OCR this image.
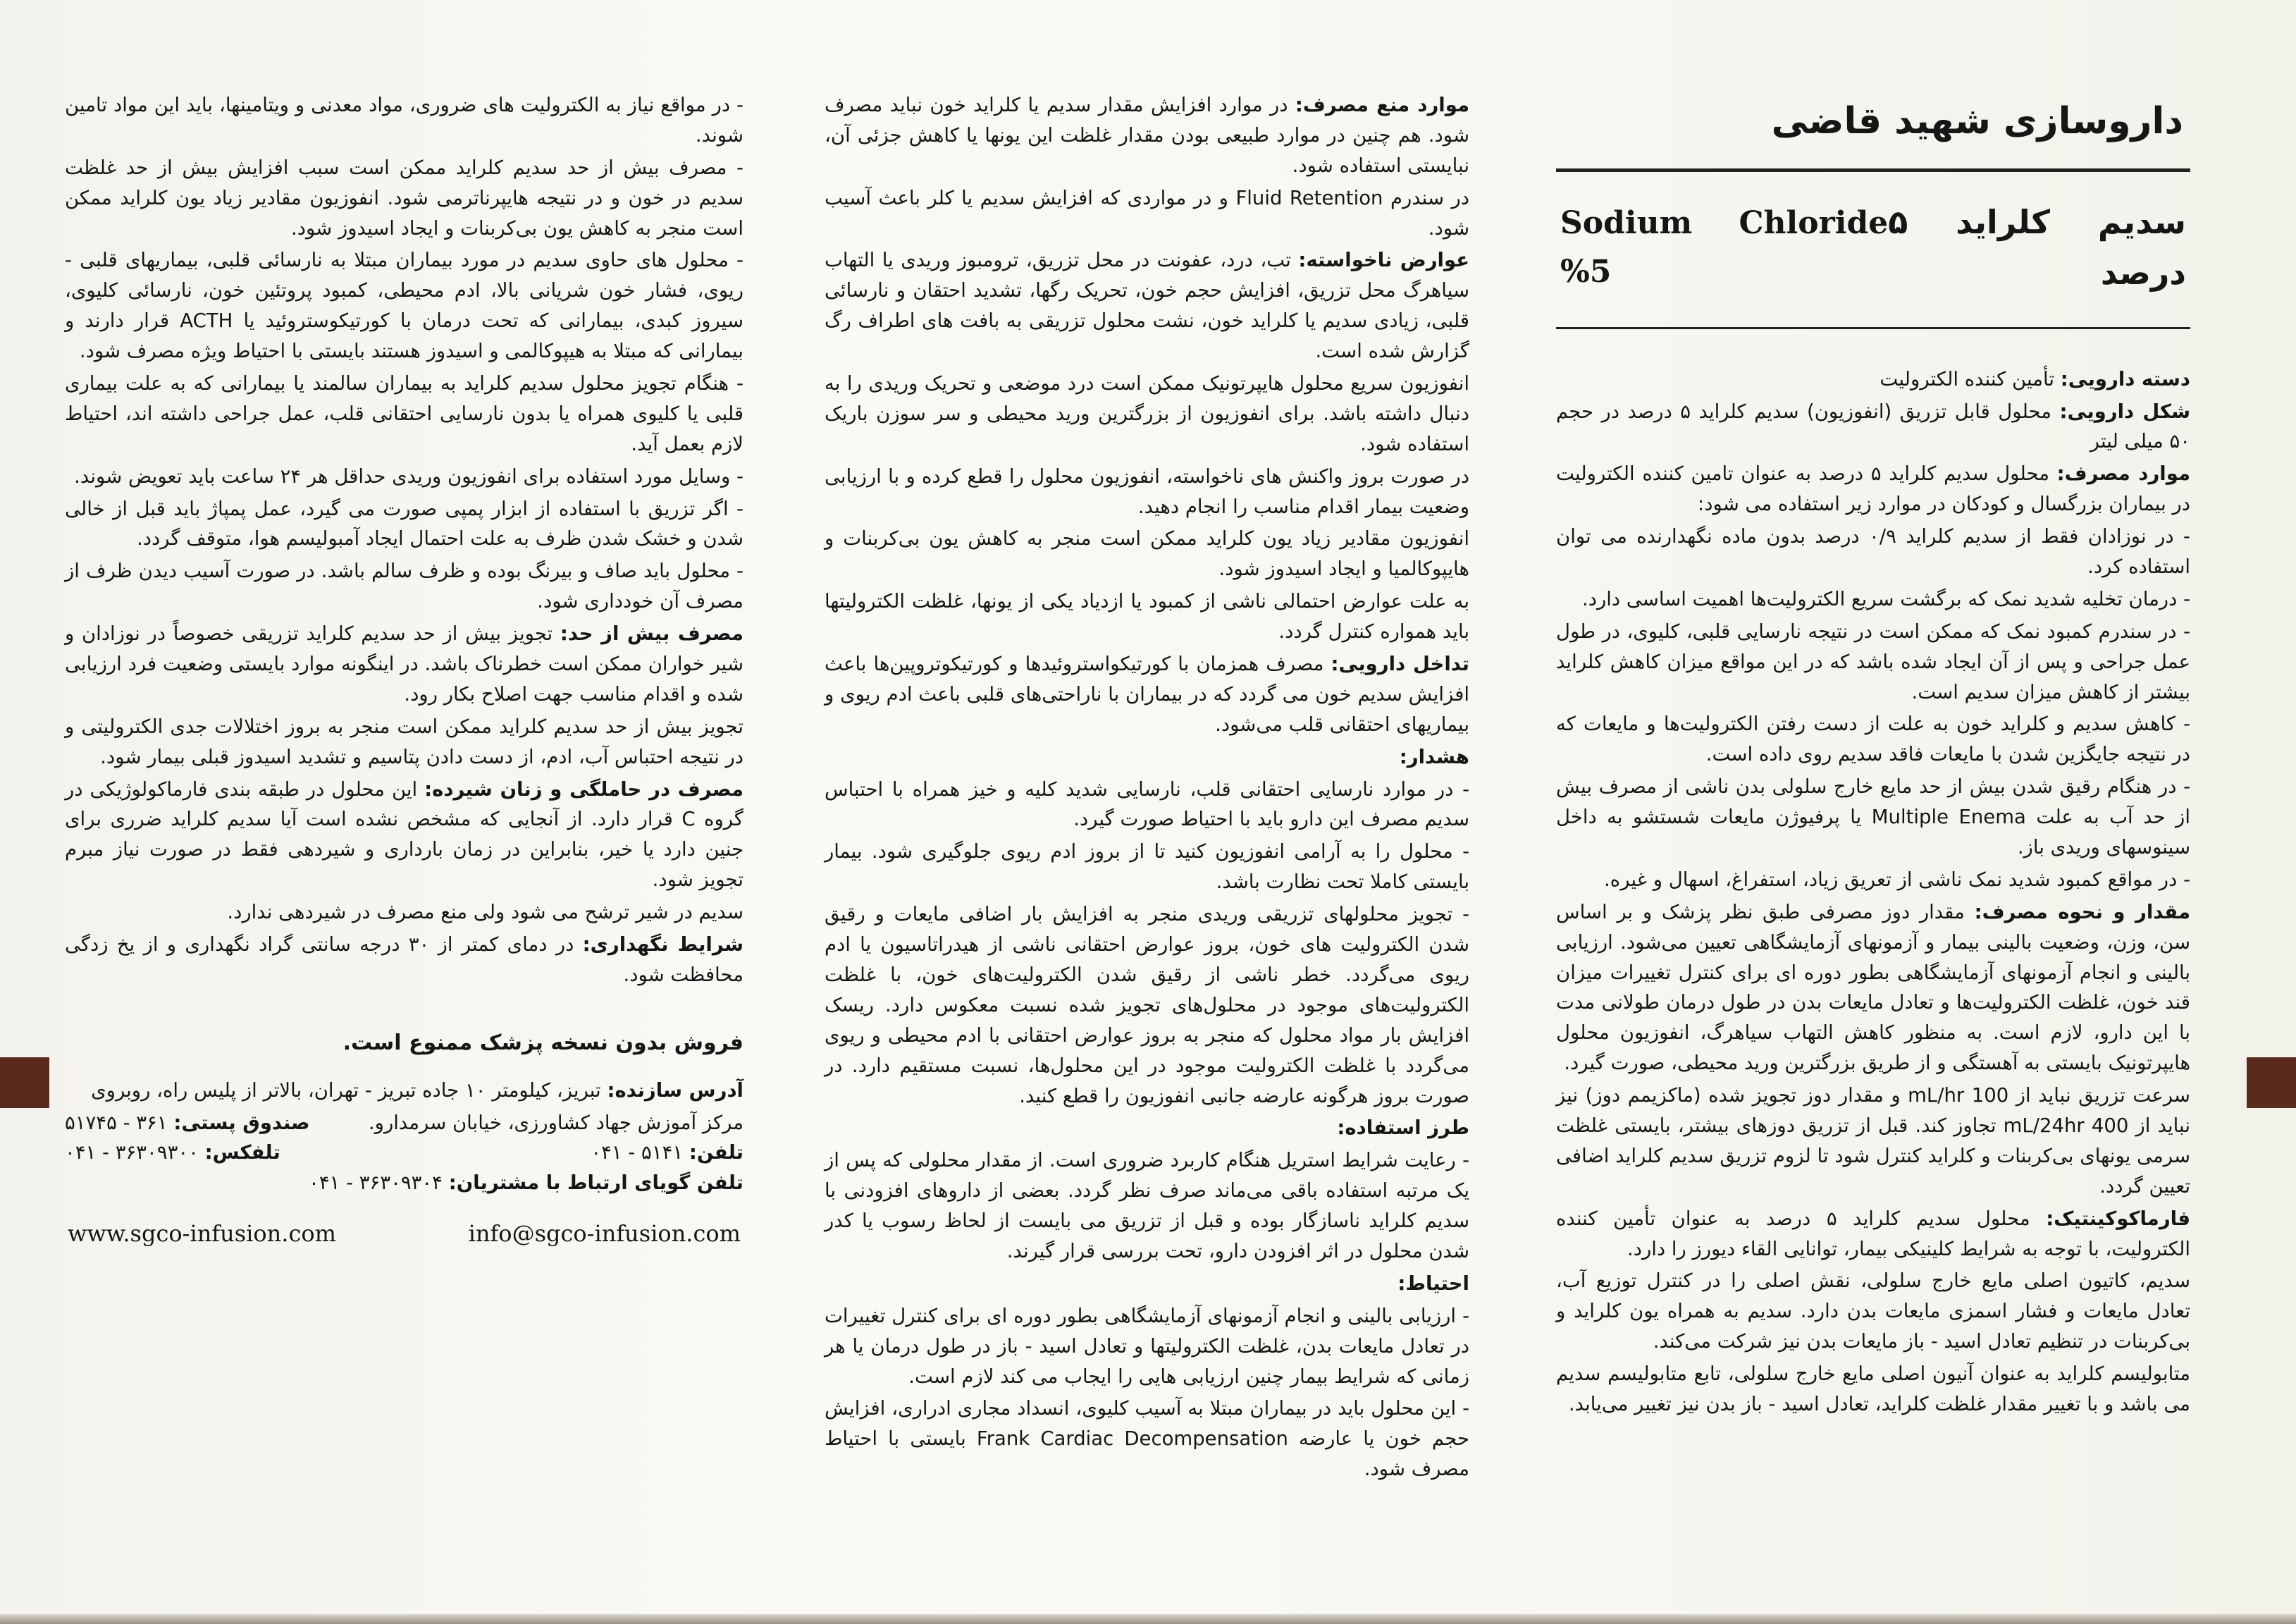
داروسازی شهید قاضی
سدیم کلراید ۵ درصد
Sodium Chloride %5

دسته دارویی: تأمین کننده الکترولیت

شکل دارویی: محلول قابل تزریق (انفوزیون) سدیم کلراید ۵ درصد در حجم ۵۰ میلی لیتر

موارد مصرف: محلول سدیم کلراید ۵ درصد به عنوان تامین کننده الکترولیت در بیماران بزرگسال و کودکان در موارد زیر استفاده می شود:

- در نوزادان فقط از سدیم کلراید ۰/۹ درصد بدون ماده نگهدارنده می توان استفاده کرد.

- درمان تخلیه شدید نمک که برگشت سریع الکترولیت‌ها اهمیت اساسی دارد.

- در سندرم کمبود نمک که ممکن است در نتیجه نارسایی قلبی، کلیوی، در طول عمل جراحی و پس از آن ایجاد شده باشد که در این مواقع میزان کاهش کلراید بیشتر از کاهش میزان سدیم است.

- کاهش سدیم و کلراید خون به علت از دست رفتن الکترولیت‌ها و مایعات که در نتیجه جایگزین شدن با مایعات فاقد سدیم روی داده است.

- در هنگام رقیق شدن بیش از حد مایع خارج سلولی بدن ناشی از مصرف بیش از حد آب به علت Multiple Enema یا پرفیوژن مایعات شستشو به داخل سینوسهای وریدی باز.

- در مواقع کمبود شدید نمک ناشی از تعریق زیاد، استفراغ، اسهال و غیره.

مقدار و نحوه مصرف: مقدار دوز مصرفی طبق نظر پزشک و بر اساس سن، وزن، وضعیت بالینی بیمار و آزمونهای آزمایشگاهی تعیین می‌شود. ارزیابی بالینی و انجام آزمونهای آزمایشگاهی بطور دوره ای برای کنترل تغییرات میزان قند خون، غلظت الکترولیت‌ها و تعادل مایعات بدن در طول درمان طولانی مدت با این دارو، لازم است. به منظور کاهش التهاب سیاهرگ، انفوزیون محلول هایپرتونیک بایستی به آهستگی و از طریق بزرگترین ورید محیطی، صورت گیرد.

سرعت تزریق نباید از 100 mL/hr و مقدار دوز تجویز شده (ماکزیمم دوز) نیز نباید از 400 mL/24hr تجاوز کند. قبل از تزریق دوزهای بیشتر، بایستی غلظت سرمی یونهای بی‌کربنات و کلراید کنترل شود تا لزوم تزریق سدیم کلراید اضافی تعیین گردد.

فارماکوکینتیک: محلول سدیم کلراید ۵ درصد به عنوان تأمین کننده الکترولیت، با توجه به شرایط کلینیکی بیمار، توانایی القاء دیورز را دارد.

سدیم، کاتیون اصلی مایع خارج سلولی، نقش اصلی را در کنترل توزیع آب، تعادل مایعات و فشار اسمزی مایعات بدن دارد. سدیم به همراه یون کلراید و بی‌کربنات در تنظیم تعادل اسید - باز مایعات بدن نیز شرکت می‌کند.

متابولیسم کلراید به عنوان آنیون اصلی مایع خارج سلولی، تابع متابولیسم سدیم می باشد و با تغییر مقدار غلظت کلراید، تعادل اسید - باز بدن نیز تغییر می‌یابد.

موارد منع مصرف: در موارد افزایش مقدار سدیم یا کلراید خون نباید مصرف شود. هم چنین در موارد طبیعی بودن مقدار غلظت این یونها یا کاهش جزئی آن، نبایستی استفاده شود.

در سندرم Fluid Retention و در مواردی که افزایش سدیم یا کلر باعث آسیب شود.

عوارض ناخواسته: تب، درد، عفونت در محل تزریق، ترومبوز وریدی یا التهاب سیاهرگ محل تزریق، افزایش حجم خون، تحریک رگها، تشدید احتقان و نارسائی قلبی، زیادی سدیم یا کلراید خون، نشت محلول تزریقی به بافت های اطراف رگ گزارش شده است.

انفوزیون سریع محلول هایپرتونیک ممکن است درد موضعی و تحریک وریدی را به دنبال داشته باشد. برای انفوزیون از بزرگترین ورید محیطی و سر سوزن باریک استفاده شود.

در صورت بروز واکنش های ناخواسته، انفوزیون محلول را قطع کرده و با ارزیابی وضعیت بیمار اقدام مناسب را انجام دهید.

انفوزیون مقادیر زیاد یون کلراید ممکن است منجر به کاهش یون بی‌کربنات و هایپوکالمیا و ایجاد اسیدوز شود.

به علت عوارض احتمالی ناشی از کمبود یا ازدیاد یکی از یونها، غلظت الکترولیتها باید همواره کنترل گردد.

تداخل دارویی: مصرف همزمان با کورتیکواستروئیدها و کورتیکوتروپین‌ها باعث افزایش سدیم خون می گردد که در بیماران با ناراحتی‌های قلبی باعث ادم ریوی و بیماریهای احتقانی قلب می‌شود.

هشدار:

- در موارد نارسایی احتقانی قلب، نارسایی شدید کلیه و خیز همراه با احتباس سدیم مصرف این دارو باید با احتیاط صورت گیرد.

- محلول را به آرامی انفوزیون کنید تا از بروز ادم ریوی جلوگیری شود. بیمار بایستی کاملا تحت نظارت باشد.

- تجویز محلولهای تزریقی وریدی منجر به افزایش بار اضافی مایعات و رقیق شدن الکترولیت های خون، بروز عوارض احتقانی ناشی از هیدراتاسیون یا ادم ریوی می‌گردد. خطر ناشی از رقیق شدن الکترولیت‌های خون، با غلظت الکترولیت‌های موجود در محلول‌های تجویز شده نسبت معکوس دارد. ریسک افزایش بار مواد محلول که منجر به بروز عوارض احتقانی با ادم محیطی و ریوی می‌گردد با غلظت الکترولیت موجود در این محلول‌ها، نسبت مستقیم دارد. در صورت بروز هرگونه عارضه جانبی انفوزیون را قطع کنید.

طرز استفاده:

- رعایت شرایط استریل هنگام کاربرد ضروری است. از مقدار محلولی که پس از یک مرتبه استفاده باقی می‌ماند صرف نظر گردد. بعضی از داروهای افزودنی با سدیم کلراید ناسازگار بوده و قبل از تزریق می بایست از لحاظ رسوب یا کدر شدن محلول در اثر افزودن دارو، تحت بررسی قرار گیرند.

احتیاط:

- ارزیابی بالینی و انجام آزمونهای آزمایشگاهی بطور دوره ای برای کنترل تغییرات در تعادل مایعات بدن، غلظت الکترولیتها و تعادل اسید - باز در طول درمان یا هر زمانی که شرایط بیمار چنین ارزیابی هایی را ایجاب می کند لازم است.

- این محلول باید در بیماران مبتلا به آسیب کلیوی، انسداد مجاری ادراری، افزایش حجم خون یا عارضه Frank Cardiac Decompensation بایستی با احتیاط مصرف شود.

- در مواقع نیاز به الکترولیت های ضروری، مواد معدنی و ویتامینها، باید این مواد تامین شوند.

- مصرف بیش از حد سدیم کلراید ممکن است سبب افزایش بیش از حد غلظت سدیم در خون و در نتیجه هایپرناترمی شود. انفوزیون مقادیر زیاد یون کلراید ممکن است منجر به کاهش یون بی‌کربنات و ایجاد اسیدوز شود.

- محلول های حاوی سدیم در مورد بیماران مبتلا به نارسائی قلبی، بیماریهای قلبی - ریوی، فشار خون شریانی بالا، ادم محیطی، کمبود پروتئین خون، نارسائی کلیوی، سیروز کبدی، بیمارانی که تحت درمان با کورتیکوستروئید یا ACTH قرار دارند و بیمارانی که مبتلا به هیپوکالمی و اسیدوز هستند بایستی با احتیاط ویژه مصرف شود.

- هنگام تجویز محلول سدیم کلراید به بیماران سالمند یا بیمارانی که به علت بیماری قلبی یا کلیوی همراه یا بدون نارسایی احتقانی قلب، عمل جراحی داشته اند، احتیاط لازم بعمل آید.

- وسایل مورد استفاده برای انفوزیون وریدی حداقل هر ۲۴ ساعت باید تعویض شوند.

- اگر تزریق با استفاده از ابزار پمپی صورت می گیرد، عمل پمپاژ باید قبل از خالی شدن و خشک شدن ظرف به علت احتمال ایجاد آمبولیسم هوا، متوقف گردد.

- محلول باید صاف و بیرنگ بوده و ظرف سالم باشد. در صورت آسیب دیدن ظرف از مصرف آن خودداری شود.

مصرف بیش از حد: تجویز بیش از حد سدیم کلراید تزریقی خصوصاً در نوزادان و شیر خواران ممکن است خطرناک باشد. در اینگونه موارد بایستی وضعیت فرد ارزیابی شده و اقدام مناسب جهت اصلاح بکار رود.

تجویز بیش از حد سدیم کلراید ممکن است منجر به بروز اختلالات جدی الکترولیتی و در نتیجه احتباس آب، ادم، از دست دادن پتاسیم و تشدید اسیدوز قبلی بیمار شود.

مصرف در حاملگی و زنان شیرده: این محلول در طبقه بندی فارماکولوژیکی در گروه C قرار دارد. از آنجایی که مشخص نشده است آیا سدیم کلراید ضرری برای جنین دارد یا خیر، بنابراین در زمان بارداری و شیردهی فقط در صورت نیاز مبرم تجویز شود.

سدیم در شیر ترشح می شود ولی منع مصرف در شیردهی ندارد.

شرایط نگهداری: در دمای کمتر از ۳۰ درجه سانتی گراد نگهداری و از یخ زدگی محافظت شود.

فروش بدون نسخه پزشک ممنوع است.
آدرس سازنده: تبریز، کیلومتر ۱۰ جاده تبریز - تهران، بالاتر از پلیس راه، روبروی
مرکز آموزش جهاد کشاورزی، خیابان سرمدارو.
صندوق پستی: ۵۱۷۴۵ - ۳۶۱
تلفن: ۰۴۱ - ۵۱۴۱
تلفکس: ۰۴۱ - ۳۶۳۰۹۳۰۰
تلفن گویای ارتباط با مشتریان: ۰۴۱ - ۳۶۳۰۹۳۰۴
www.sgco-infusion.com	info@sgco-infusion.com
